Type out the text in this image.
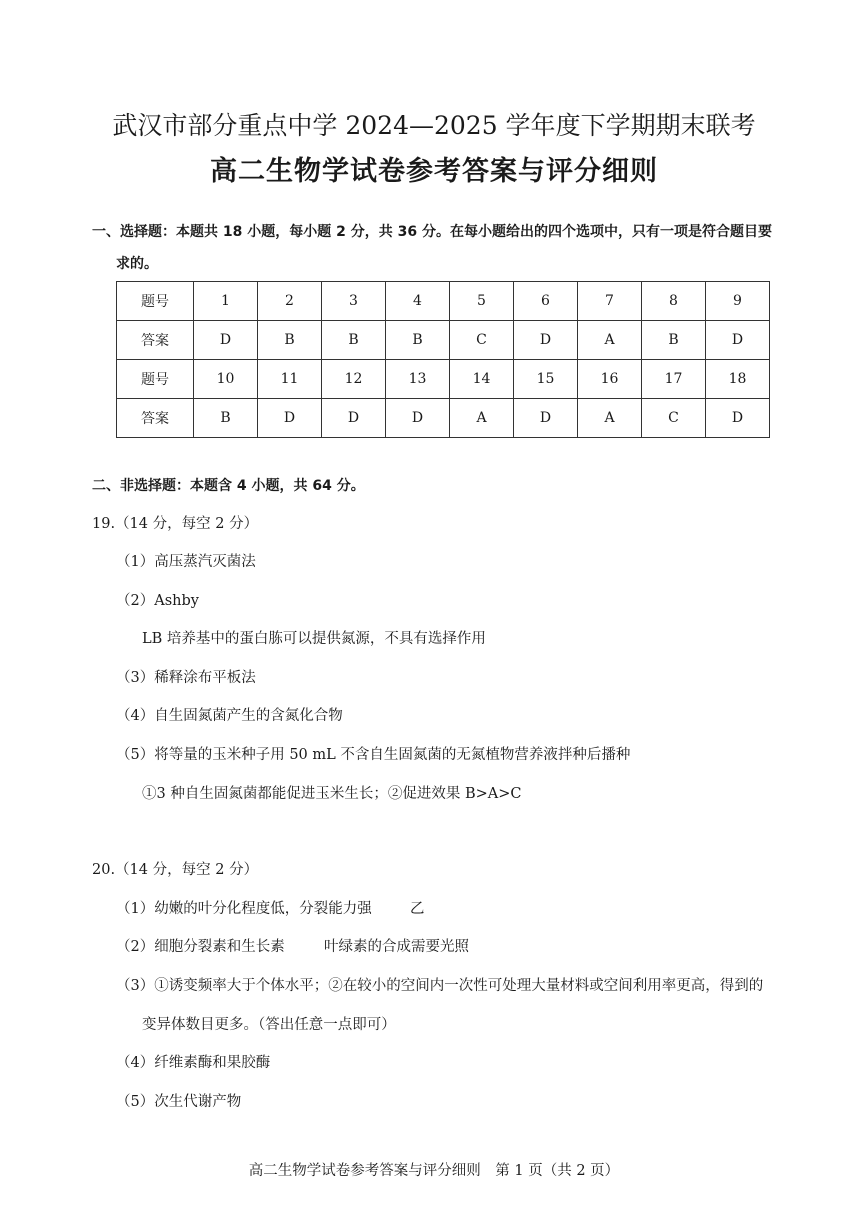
武汉市部分重点中学 2024—2025 学年度下学期期末联考
高二生物学试卷参考答案与评分细则
一、选择题：本题共 18 小题，每小题 2 分，共 36 分。在每小题给出的四个选项中，只有一项是符合题目要
求的。
题号	1	2	3	4	5	6	7	8	9
答案	D	B	B	B	C	D	A	B	D
题号	10	11	12	13	14	15	16	17	18
答案	B	D	D	D	A	D	A	C	D
二、非选择题：本题含 4 小题，共 64 分。
19.（14 分，每空 2 分）
（1）高压蒸汽灭菌法
（2）Ashby
LB 培养基中的蛋白胨可以提供氮源，不具有选择作用
（3）稀释涂布平板法
（4）自生固氮菌产生的含氮化合物
（5）将等量的玉米种子用 50 mL 不含自生固氮菌的无氮植物营养液拌种后播种
①3 种自生固氮菌都能促进玉米生长；②促进效果 B>A>C
20.（14 分，每空 2 分）
（1）幼嫩的叶分化程度低，分裂能力强	乙
（2）细胞分裂素和生长素	叶绿素的合成需要光照
（3）①诱变频率大于个体水平；②在较小的空间内一次性可处理大量材料或空间利用率更高，得到的
变异体数目更多。（答出任意一点即可）
（4）纤维素酶和果胶酶
（5）次生代谢产物
高二生物学试卷参考答案与评分细则　第 1 页（共 2 页）
